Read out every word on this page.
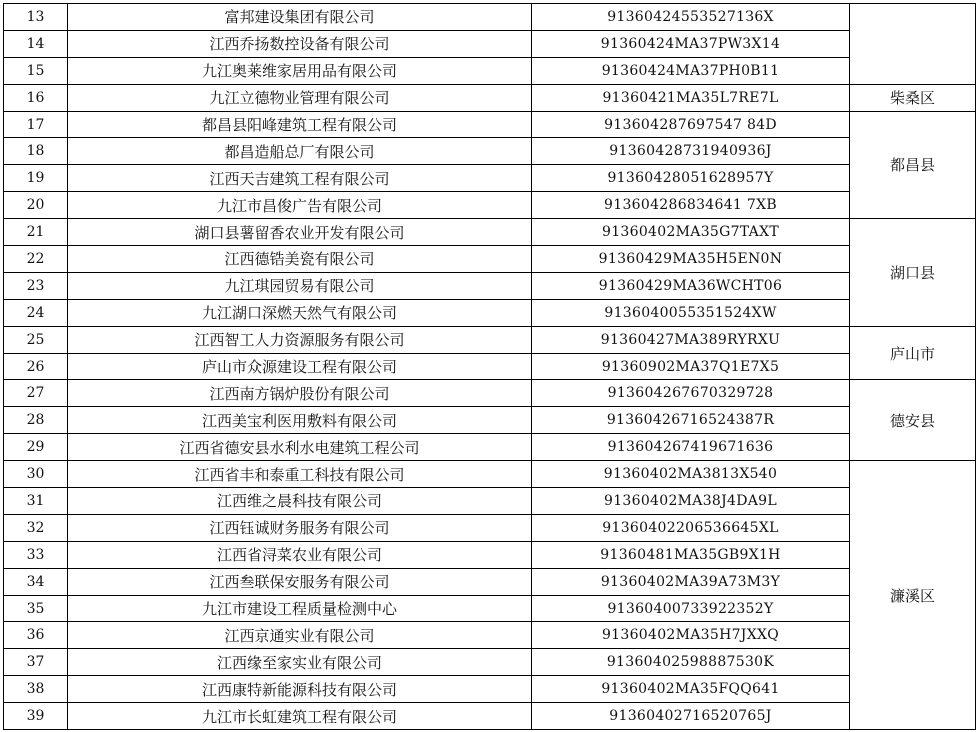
13	富邦建设集团有限公司	913604245535271З6X	
14	江西乔扬数控设备有限公司	91360424MA37PW3X14	
15	九江奥莱维家居用品有限公司	91360424MA37PH0B11	
16	九江立德物业管理有限公司	91360421MA35L7RE7L	柴桑区
17	都昌县阳峰建筑工程有限公司	913604287697547 84D	都昌县
18	都昌造船总厂有限公司	91360428731940936J	
19	江西天吉建筑工程有限公司	91360428051628957Y	
20	九江市昌俊广告有限公司	913604286834641 7XB	
21	湖口县薯留香农业开发有限公司	91360402MA35G7TAXT	湖口县
22	江西德锆美瓷有限公司	91360429MA35H5EN0N	
23	九江琪园贸易有限公司	91360429MA36WCHT06	
24	九江湖口深燃天然气有限公司	9136040055351524XW	
25	江西智工人力资源服务有限公司	91360427MA389RYRXU	庐山市
26	庐山市众源建设工程有限公司	91360902MA37Q1E7X5	
27	江西南方锅炉股份有限公司	913604267670329728	德安县
28	江西美宝利医用敷料有限公司	91360426716524387R	
29	江西省德安县水利水电建筑工程公司	913604267419671636	
30	江西省丰和泰重工科技有限公司	91360402MA3813X540	濂溪区
31	江西维之晨科技有限公司	91360402MA38J4DA9L	
32	江西钰诚财务服务有限公司	91360402206536645XL	
33	江西省浔菜农业有限公司	91360481MA35GB9X1H	
34	江西叁联保安服务有限公司	91360402MA39A73M3Y	
35	九江市建设工程质量检测中心	91360400733922352Y	
36	江西京通实业有限公司	91360402MA35H7JXXQ	
37	江西缘至家实业有限公司	91360402598887530K	
38	江西康特新能源科技有限公司	91360402MA35FQQ641	
39	九江市长虹建筑工程有限公司	91360402716520765J	
